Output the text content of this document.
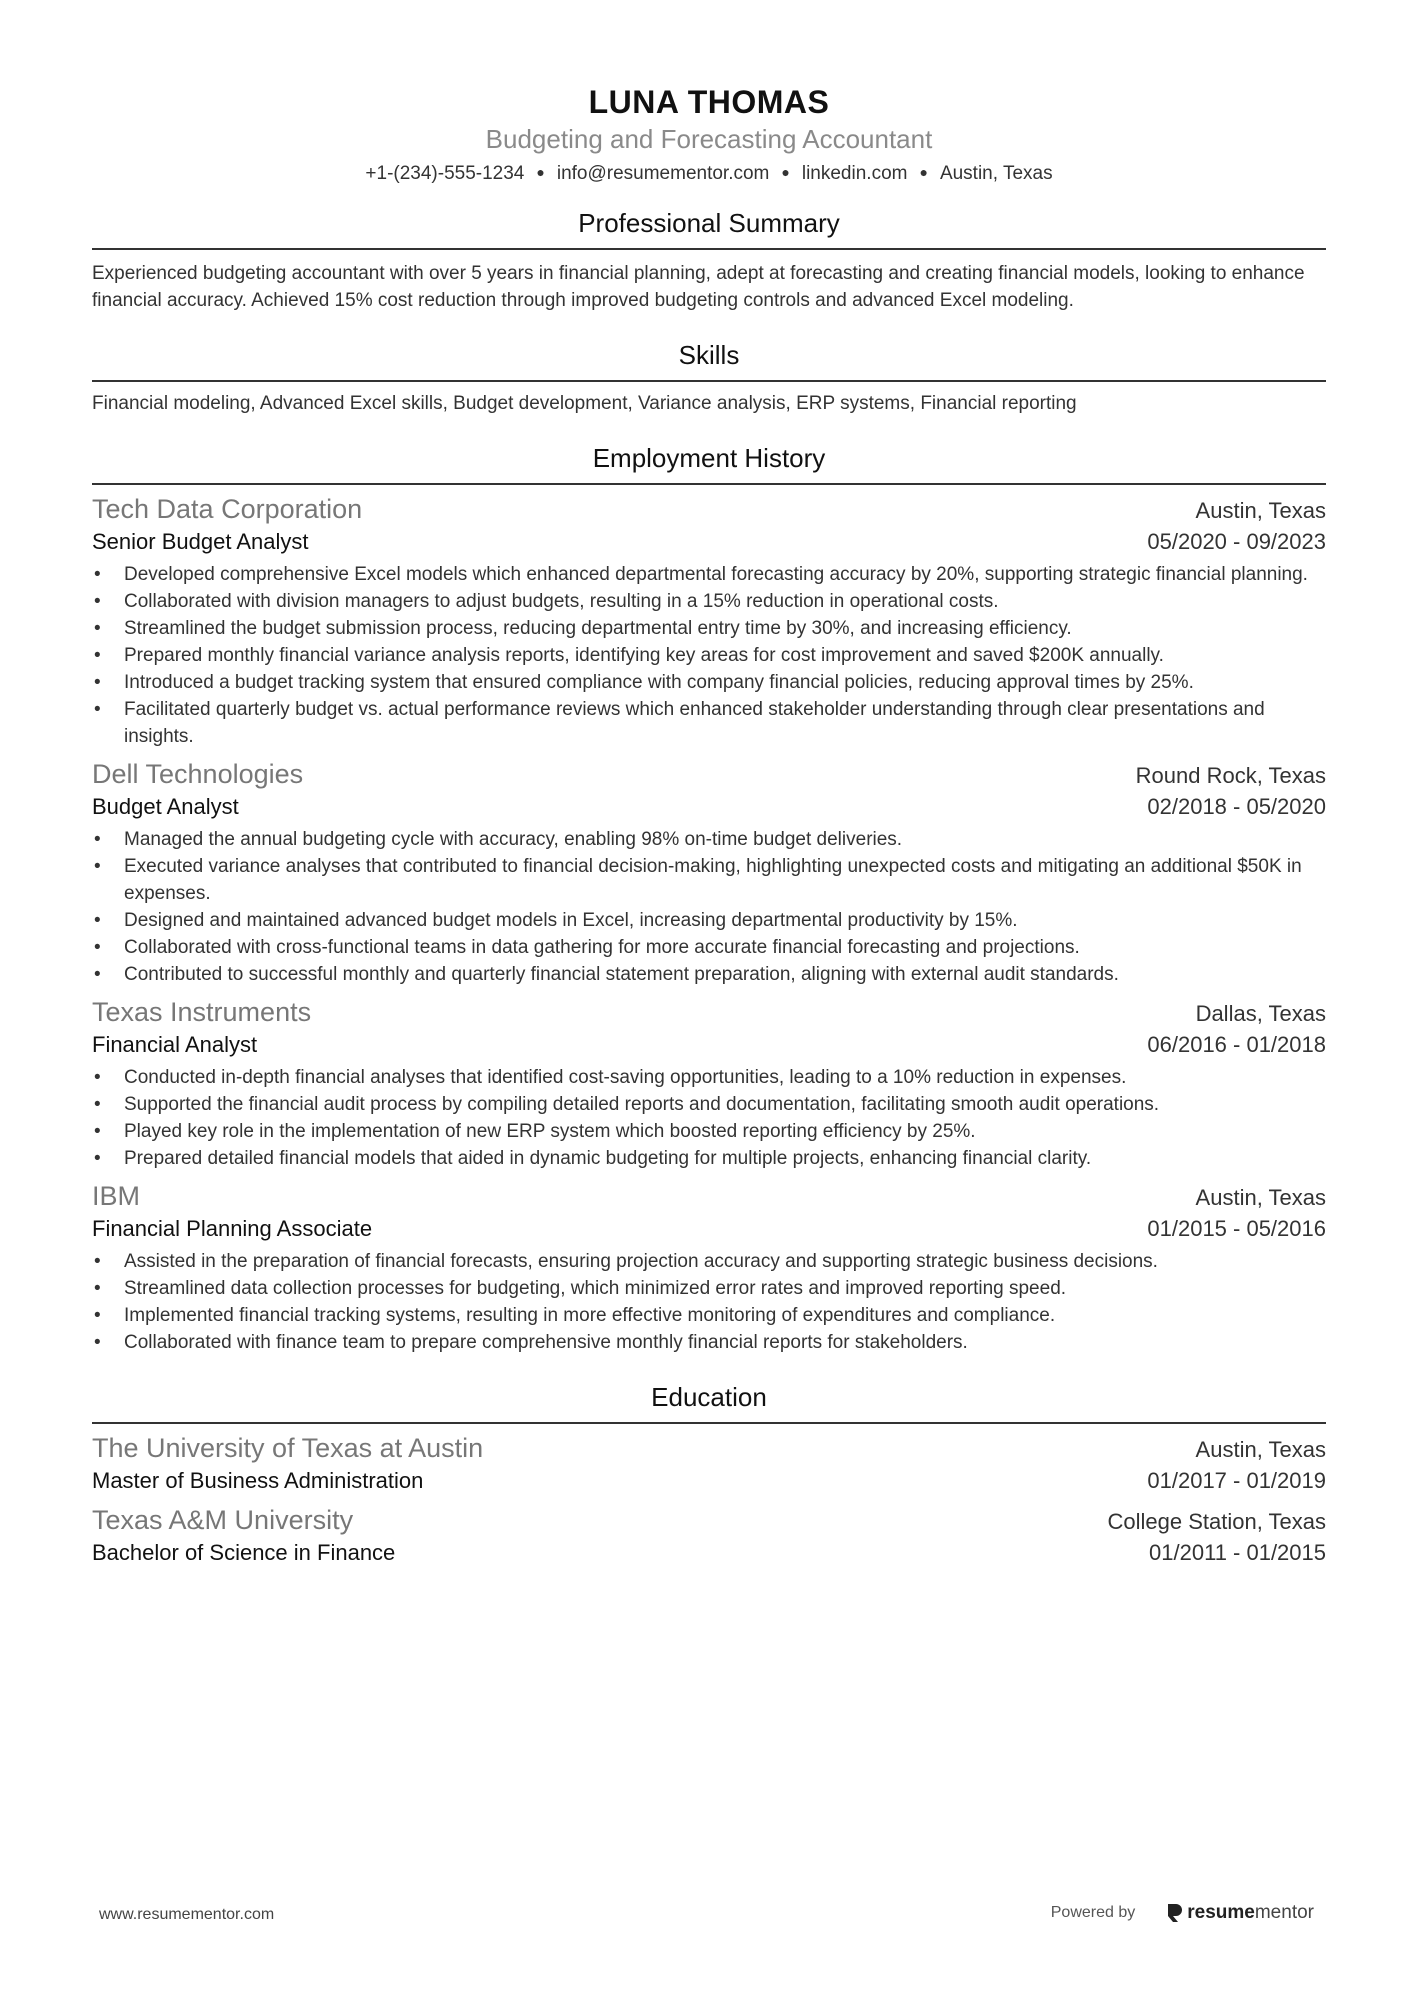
LUNA THOMAS
Budgeting and Forecasting Accountant
+1-(234)-555-1234 ● info@resumementor.com ● linkedin.com ● Austin, Texas
Professional Summary
Experienced budgeting accountant with over 5 years in financial planning, adept at forecasting and creating financial models, looking to enhance financial accuracy. Achieved 15% cost reduction through improved budgeting controls and advanced Excel modeling.
Skills
Financial modeling, Advanced Excel skills, Budget development, Variance analysis, ERP systems, Financial reporting
Employment History
Tech Data Corporation	Austin, Texas
Senior Budget Analyst	05/2020 - 09/2023
• Developed comprehensive Excel models which enhanced departmental forecasting accuracy by 20%, supporting strategic financial planning.
• Collaborated with division managers to adjust budgets, resulting in a 15% reduction in operational costs.
• Streamlined the budget submission process, reducing departmental entry time by 30%, and increasing efficiency.
• Prepared monthly financial variance analysis reports, identifying key areas for cost improvement and saved $200K annually.
• Introduced a budget tracking system that ensured compliance with company financial policies, reducing approval times by 25%.
• Facilitated quarterly budget vs. actual performance reviews which enhanced stakeholder understanding through clear presentations and insights.
Dell Technologies	Round Rock, Texas
Budget Analyst	02/2018 - 05/2020
• Managed the annual budgeting cycle with accuracy, enabling 98% on-time budget deliveries.
• Executed variance analyses that contributed to financial decision-making, highlighting unexpected costs and mitigating an additional $50K in expenses.
• Designed and maintained advanced budget models in Excel, increasing departmental productivity by 15%.
• Collaborated with cross-functional teams in data gathering for more accurate financial forecasting and projections.
• Contributed to successful monthly and quarterly financial statement preparation, aligning with external audit standards.
Texas Instruments	Dallas, Texas
Financial Analyst	06/2016 - 01/2018
• Conducted in-depth financial analyses that identified cost-saving opportunities, leading to a 10% reduction in expenses.
• Supported the financial audit process by compiling detailed reports and documentation, facilitating smooth audit operations.
• Played key role in the implementation of new ERP system which boosted reporting efficiency by 25%.
• Prepared detailed financial models that aided in dynamic budgeting for multiple projects, enhancing financial clarity.
IBM	Austin, Texas
Financial Planning Associate	01/2015 - 05/2016
• Assisted in the preparation of financial forecasts, ensuring projection accuracy and supporting strategic business decisions.
• Streamlined data collection processes for budgeting, which minimized error rates and improved reporting speed.
• Implemented financial tracking systems, resulting in more effective monitoring of expenditures and compliance.
• Collaborated with finance team to prepare comprehensive monthly financial reports for stakeholders.
Education
The University of Texas at Austin	Austin, Texas
Master of Business Administration	01/2017 - 01/2019
Texas A&M University	College Station, Texas
Bachelor of Science in Finance	01/2011 - 01/2015
www.resumementor.com	Powered by	resume mentor
